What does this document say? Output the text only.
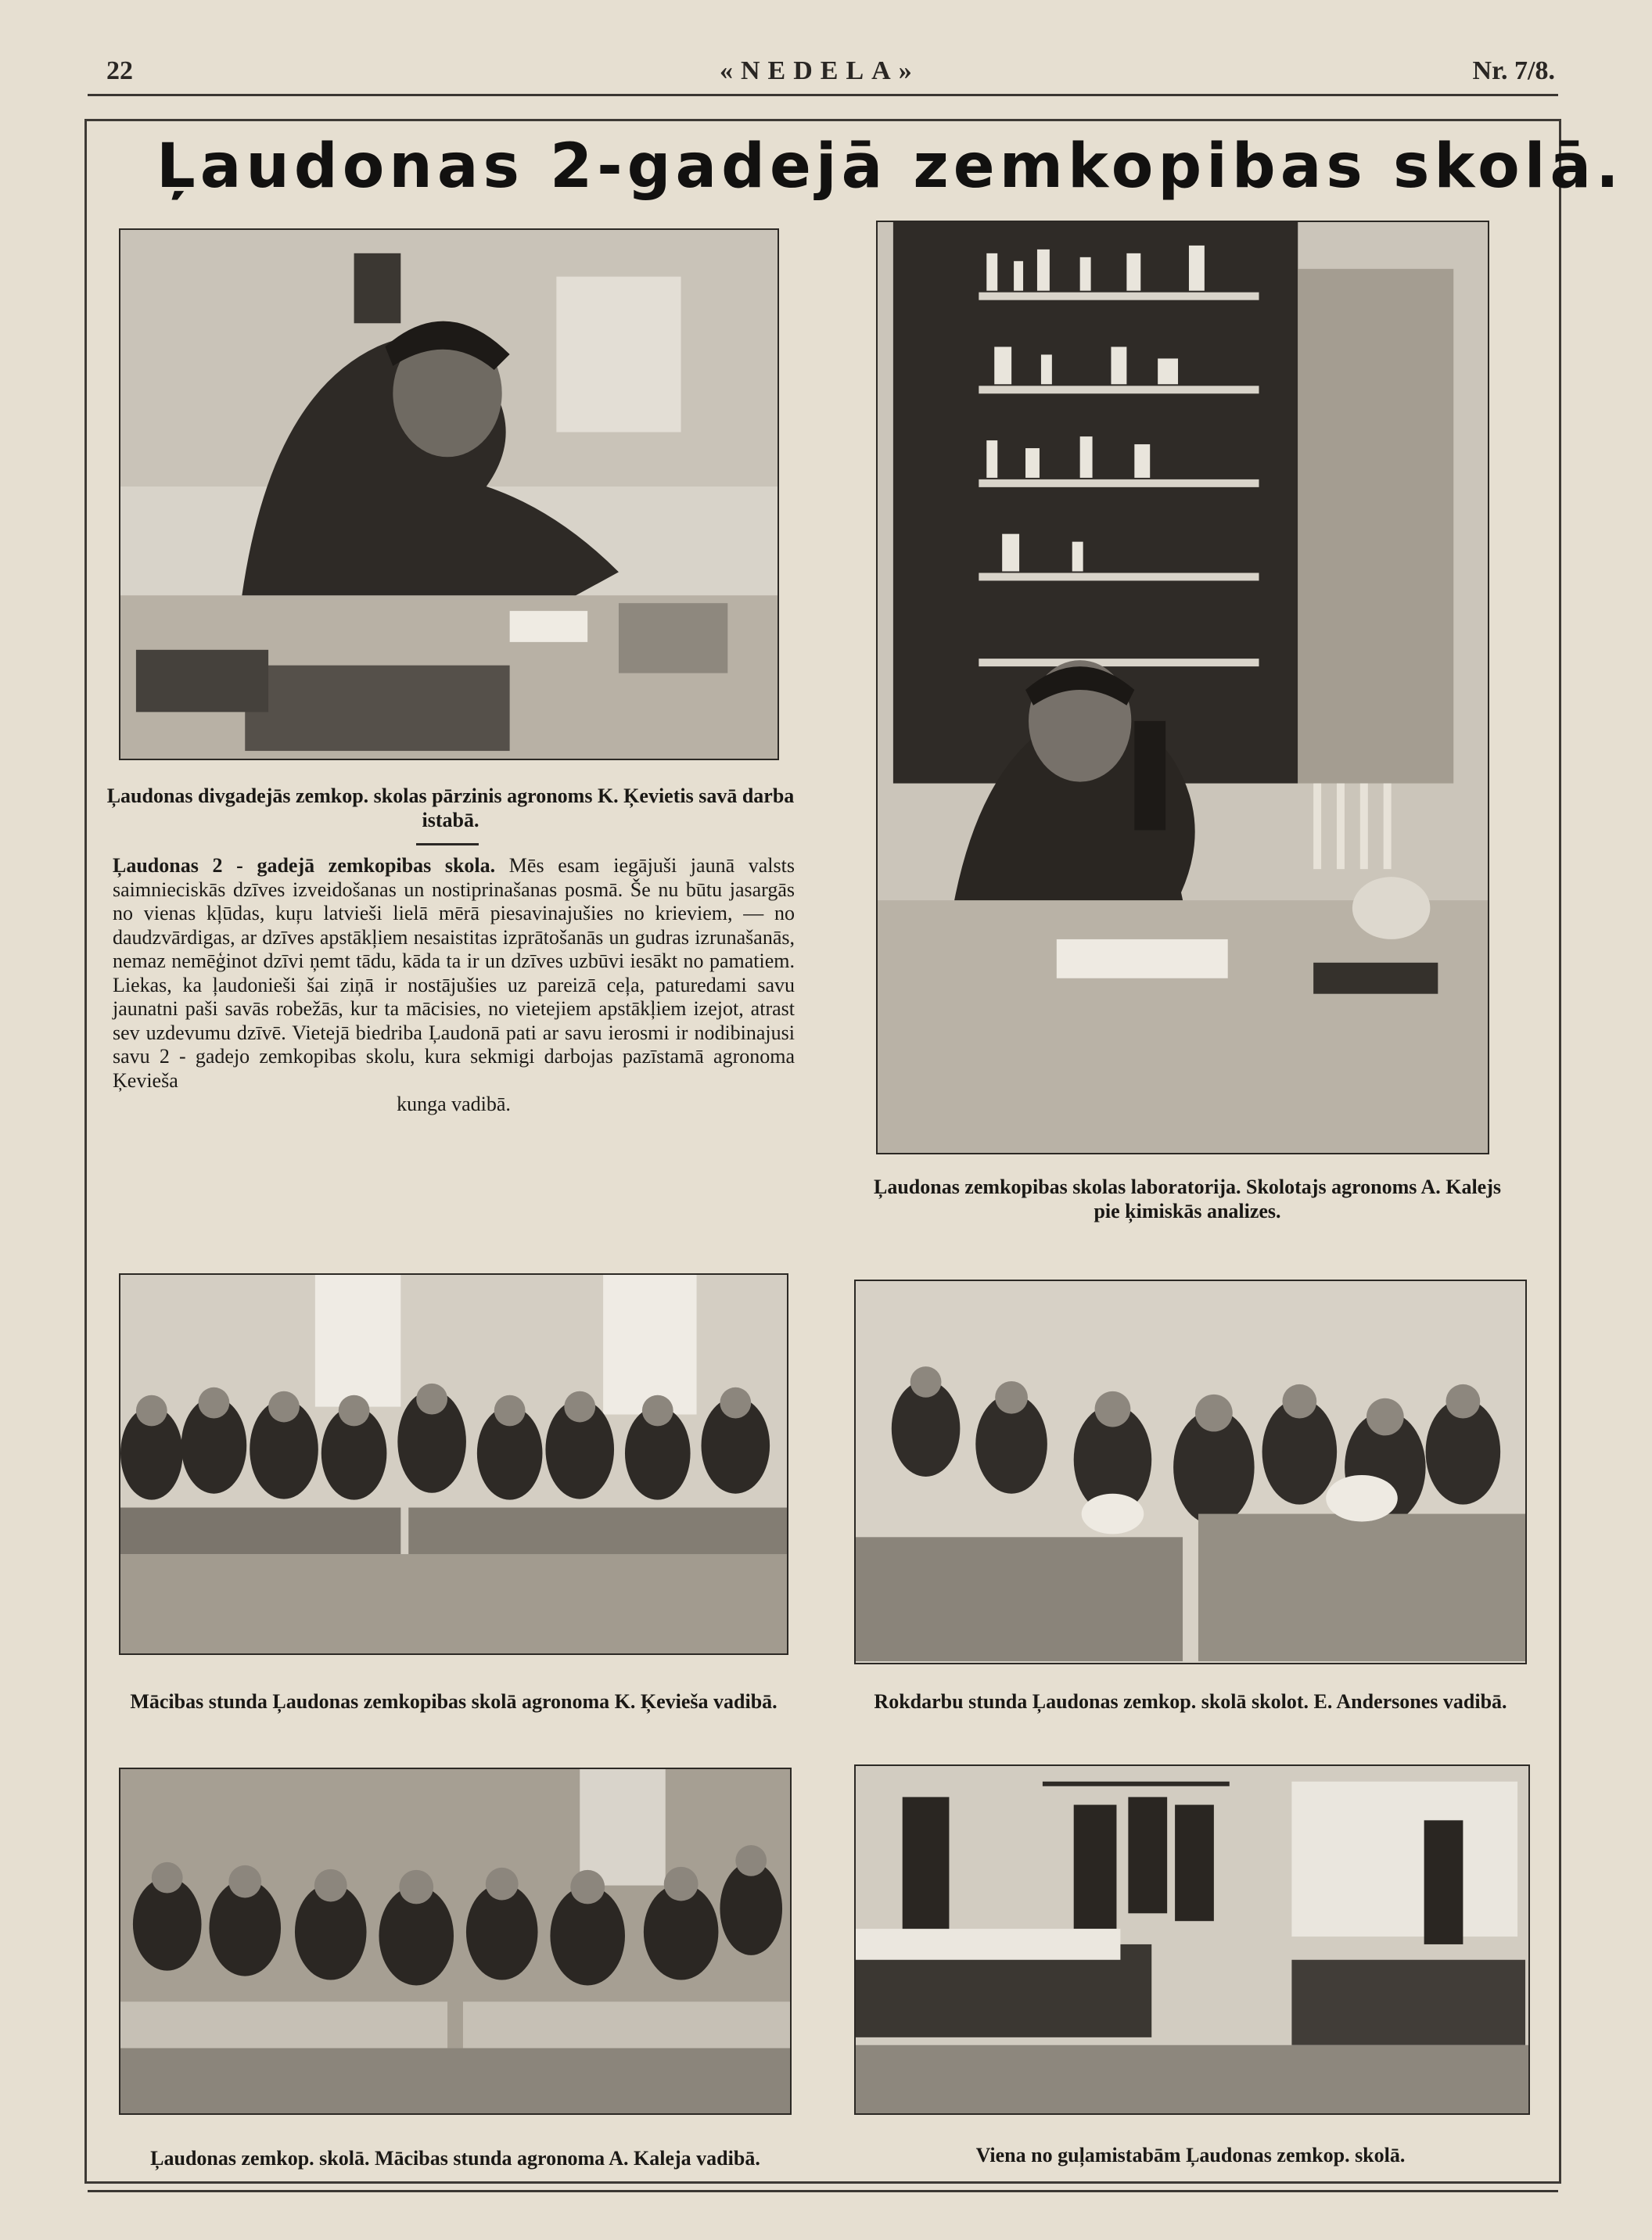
22	«NEDELA»	Nr. 7/8.
Ļaudonas 2-gadejā zemkopibas skolā.
Ļaudonas divgadejās zemkop. skolas pārzinis agronoms K. Ķevietis savā darba istabā.
Ļaudonas 2 - gadejā zemkopibas skola. Mēs esam iegājuši jaunā valsts saimnieciskās dzīves izveidošanas un nostiprinašanas posmā. Še nu būtu jasargās no vienas kļūdas, kuŗu latvieši lielā mērā piesavinajušies no krieviem, — no daudzvārdigas, ar dzīves apstākļiem nesaistitas izprātošanās un gudras izrunašanās, nemaz nemēģinot dzīvi ņemt tādu, kāda ta ir un dzīves uzbūvi iesākt no pamatiem. Liekas, ka ļaudonieši šai ziņā ir nostājušies uz pareizā ceļa, paturedami savu jaunatni paši savās robežās, kur ta mācisies, no vietejiem apstākļiem izejot, atrast sev uzdevumu dzīvē. Vietejā biedriba Ļaudonā pati ar savu ierosmi ir nodibinajusi savu 2 - gadejo zemkopibas skolu, kura sekmigi darbojas pazīstamā agronoma Ķevieša
kunga vadibā.
Ļaudonas zemkopibas skolas laboratorija. Skolotajs agronoms A. Kalejs pie ķimiskās analizes.
Mācibas stunda Ļaudonas zemkopibas skolā agronoma K. Ķevieša vadibā.	Rokdarbu stunda Ļaudonas zemkop. skolā skolot. E. Andersones vadibā.
Ļaudonas zemkop. skolā. Mācibas stunda agronoma A. Kaleja vadibā.	Viena no guļamistabām Ļaudonas zemkop. skolā.
